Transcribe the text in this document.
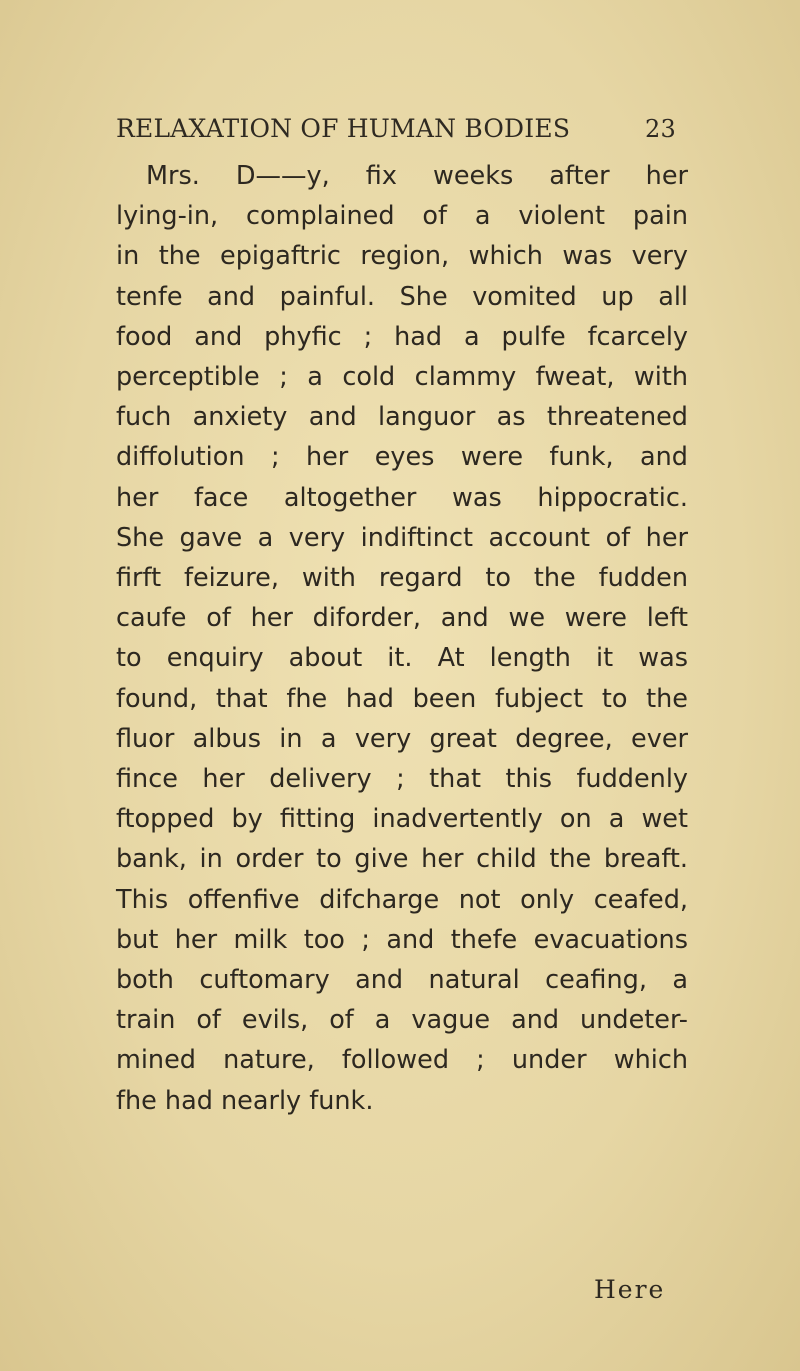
RELAXATION OF HUMAN BODIES	23
Mrs. D——y, fix weeks after her
lying-in, complained of a violent pain
in the epigaftric region, which was very
tenfe and painful. She vomited up all
food and phyfic ; had a pulfe fcarcely
perceptible ; a cold clammy fweat, with
fuch anxiety and languor as threatened
diffolution ; her eyes were funk, and
her face altogether was hippocratic.
She gave a very indiftinct account of her
firft feizure, with regard to the fudden
caufe of her diforder, and we were left
to enquiry about it. At length it was
found, that fhe had been fubject to the
fluor albus in a very great degree, ever
fince her delivery ; that this fuddenly
ftopped by fitting inadvertently on a wet
bank, in order to give her child the breaft.
This offenfive difcharge not only ceafed,
but her milk too ; and thefe evacuations
both cuftomary and natural ceafing, a
train of evils, of a vague and undeter-
mined nature, followed ; under which
fhe had nearly funk.
Here
